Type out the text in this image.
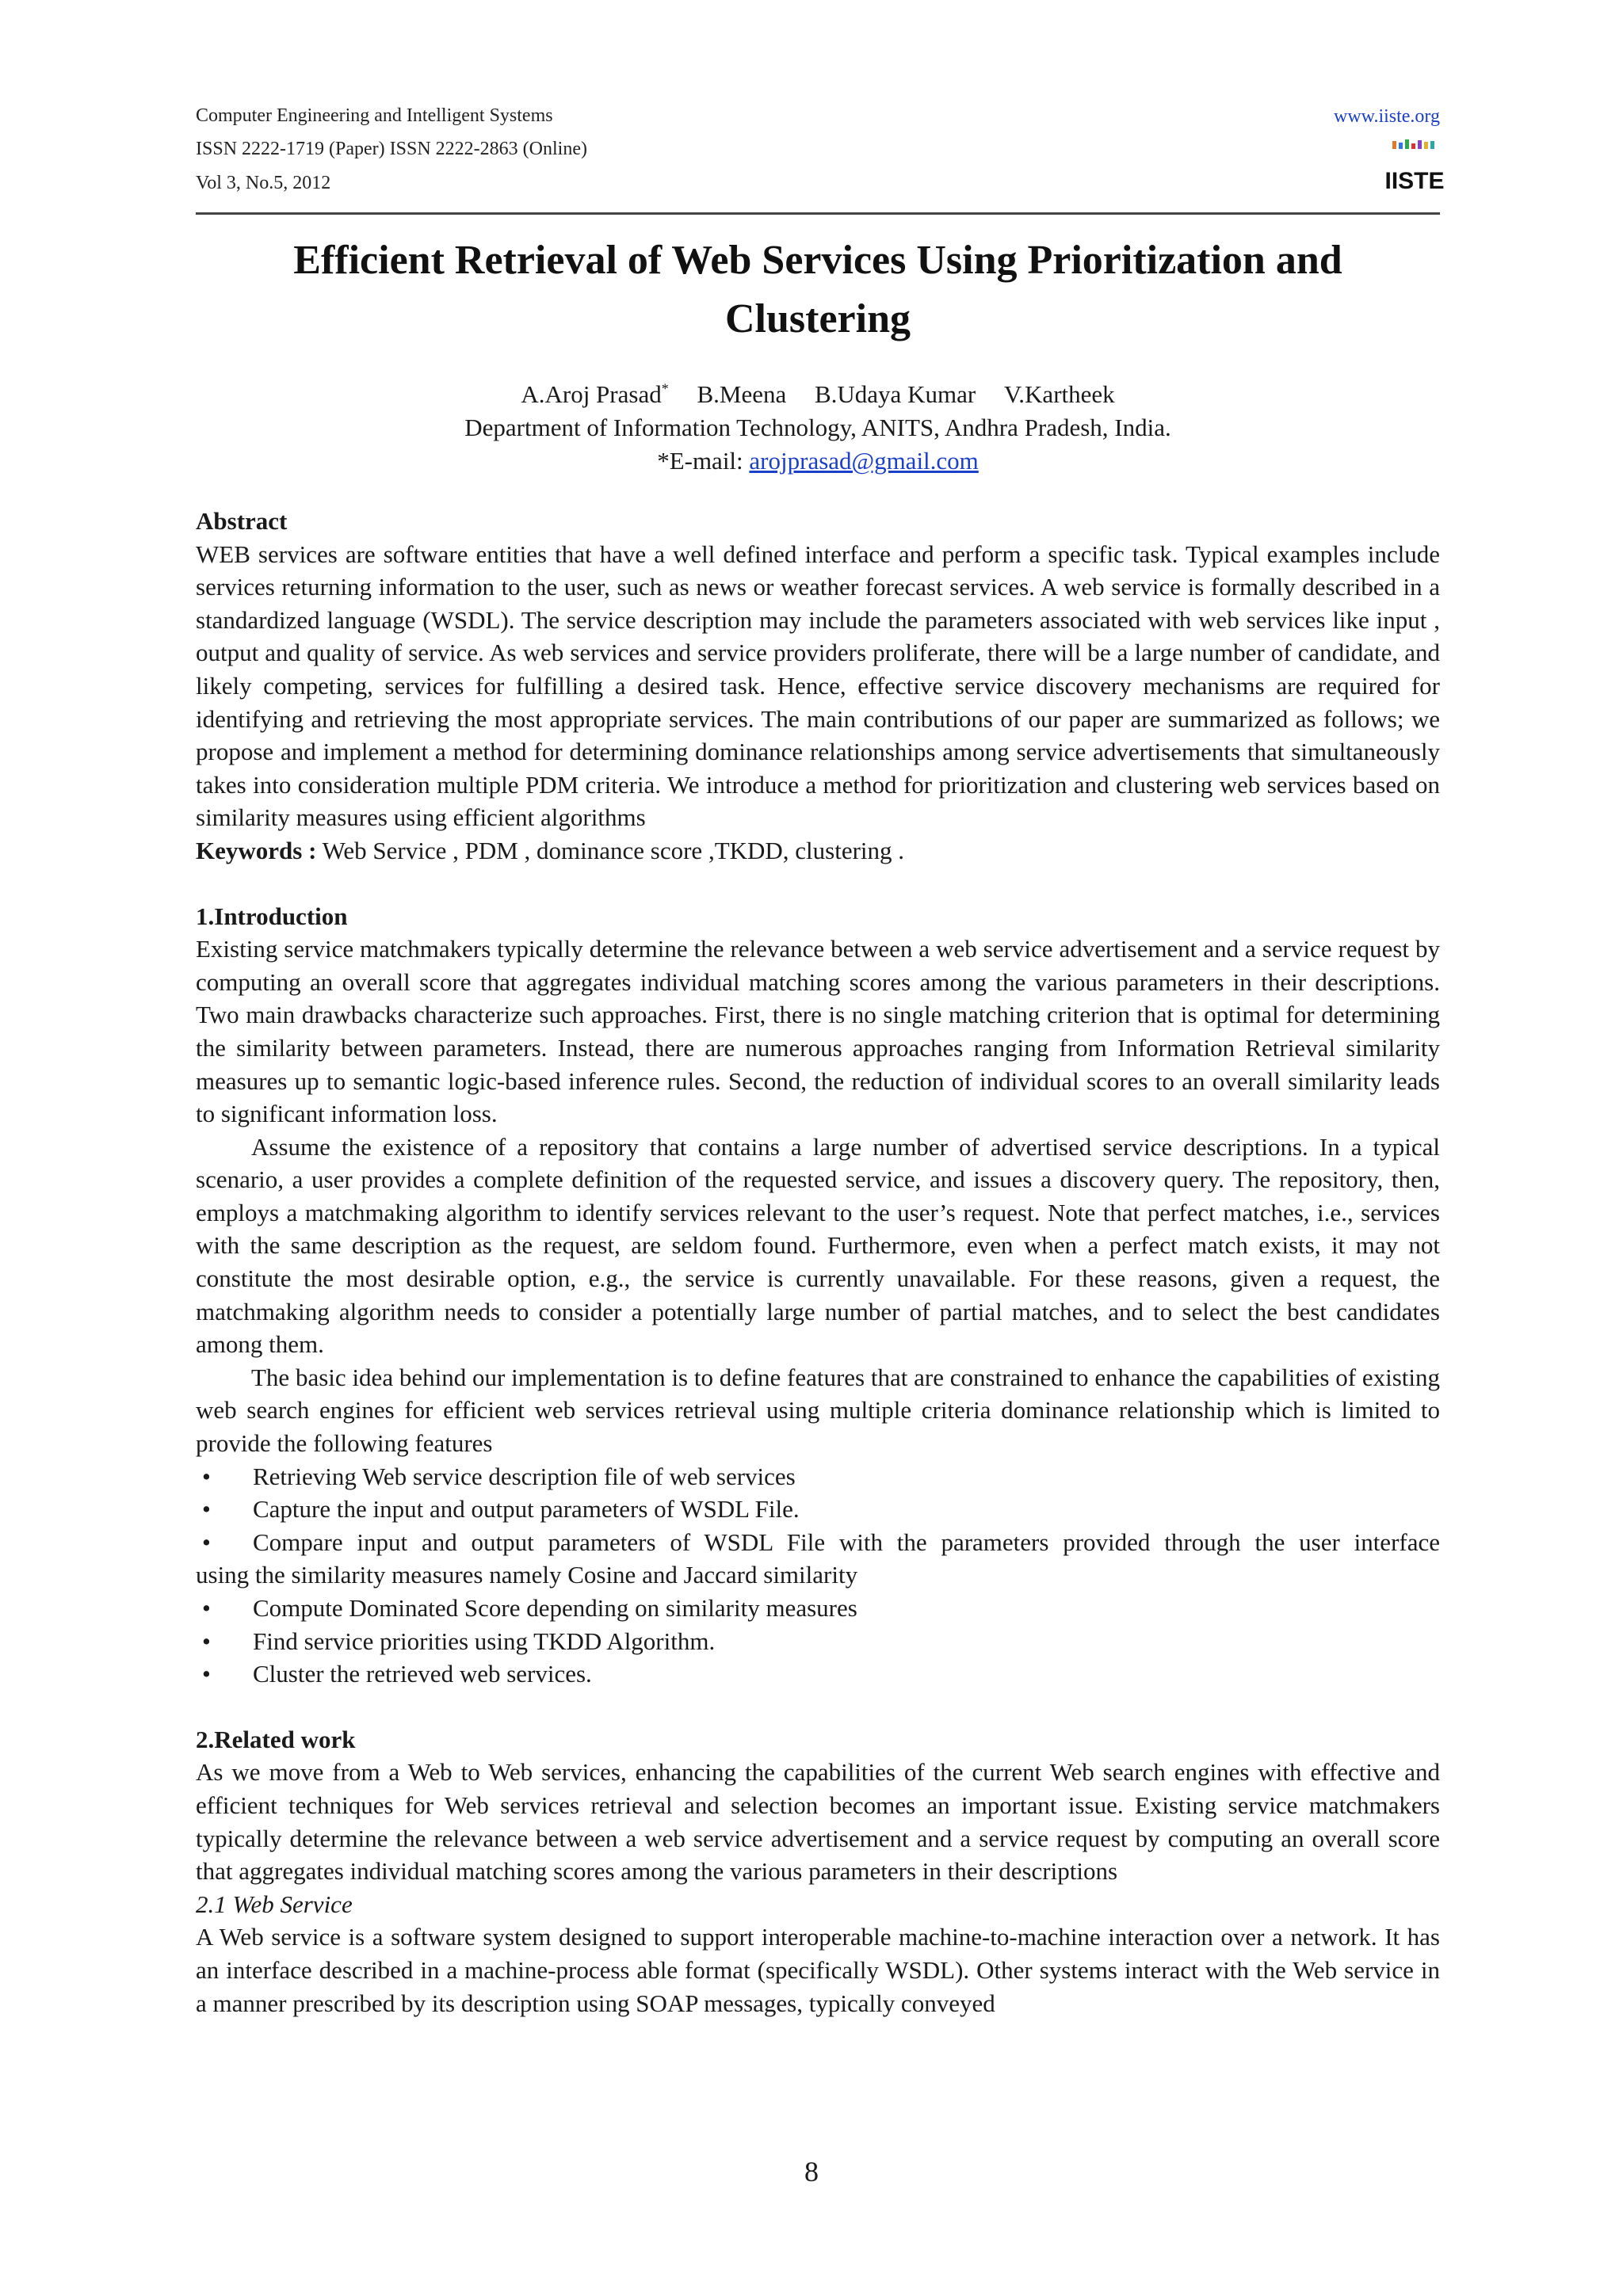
Computer Engineering and Intelligent Systems
ISSN 2222-1719 (Paper) ISSN 2222-2863 (Online)
Vol 3, No.5, 2012
www.iiste.org
IISTE
Efficient Retrieval of Web Services Using Prioritization and Clustering
A.Aroj Prasad* B.Meena B.Udaya Kumar V.Kartheek
Department of Information Technology, ANITS, Andhra Pradesh, India.
*E-mail: arojprasad@gmail.com

Abstract

WEB services are software entities that have a well defined interface and perform a specific task. Typical examples include services returning information to the user, such as news or weather forecast services. A web service is formally described in a standardized language (WSDL). The service description may include the parameters associated with web services like input , output and quality of service. As web services and service providers proliferate, there will be a large number of candidate, and likely competing, services for fulfilling a desired task. Hence, effective service discovery mechanisms are required for identifying and retrieving the most appropriate services. The main contributions of our paper are summarized as follows; we propose and implement a method for determining dominance relationships among service advertisements that simultaneously takes into consideration multiple PDM criteria. We introduce a method for prioritization and clustering web services based on similarity measures using efficient algorithms

Keywords : Web Service , PDM , dominance score ,TKDD, clustering .

1.Introduction

Existing service matchmakers typically determine the relevance between a web service advertisement and a service request by computing an overall score that aggregates individual matching scores among the various parameters in their descriptions. Two main drawbacks characterize such approaches. First, there is no single matching criterion that is optimal for determining the similarity between parameters. Instead, there are numerous approaches ranging from Information Retrieval similarity measures up to semantic logic-based inference rules. Second, the reduction of individual scores to an overall similarity leads to significant information loss.

Assume the existence of a repository that contains a large number of advertised service descriptions. In a typical scenario, a user provides a complete definition of the requested service, and issues a discovery query. The repository, then, employs a matchmaking algorithm to identify services relevant to the user’s request. Note that perfect matches, i.e., services with the same description as the request, are seldom found. Furthermore, even when a perfect match exists, it may not constitute the most desirable option, e.g., the service is currently unavailable. For these reasons, given a request, the matchmaking algorithm needs to consider a potentially large number of partial matches, and to select the best candidates among them.

The basic idea behind our implementation is to define features that are constrained to enhance the capabilities of existing web search engines for efficient web services retrieval using multiple criteria dominance relationship which is limited to provide the following features

• Retrieving Web service description file of web services
• Capture the input and output parameters of WSDL File.
•	Compare input and output parameters of WSDL File with the parameters provided through the user interface
using the similarity measures namely Cosine and Jaccard similarity
• Compute Dominated Score depending on similarity measures
• Find service priorities using TKDD Algorithm.
• Cluster the retrieved web services.

2.Related work

As we move from a Web to Web services, enhancing the capabilities of the current Web search engines with effective and efficient techniques for Web services retrieval and selection becomes an important issue. Existing service matchmakers typically determine the relevance between a web service advertisement and a service request by computing an overall score that aggregates individual matching scores among the various parameters in their descriptions

2.1 Web Service

A Web service is a software system designed to support interoperable machine-to-machine interaction over a network. It has an interface described in a machine-process able format (specifically WSDL). Other systems interact with the Web service in a manner prescribed by its description using SOAP messages, typically conveyed

8
